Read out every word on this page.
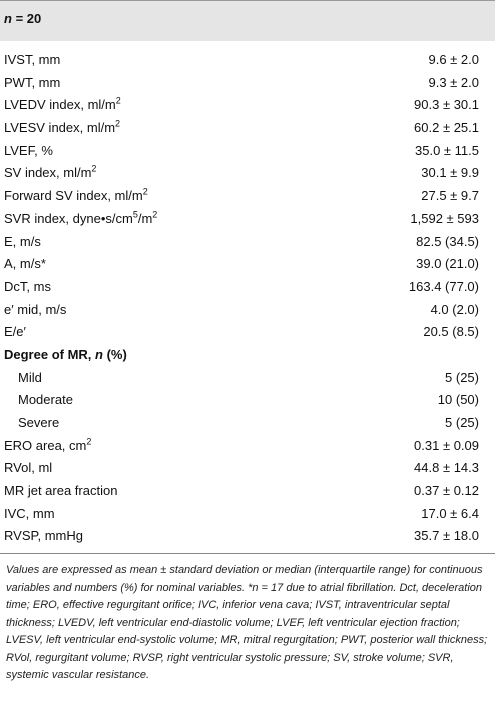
n = 20
IVST, mm	9.6 ± 2.0
PWT, mm	9.3 ± 2.0
LVEDV index, $ml/m^2$	90.3 ± 30.1
LVESV index, $ml/m^2$	60.2 ± 25.1
LVEF, %	35.0 ± 11.5
SV index, $ml/m^2$	30.1 ± 9.9
Forward SV index, $ml/m^2$	27.5 ± 9.7
SVR index, $dyne•s/cm^5/m^2$	1,592 ± 593
E, m/s	82.5 (34.5)
A, m/s*	39.0 (21.0)
DcT, ms	163.4 (77.0)
e′ mid, m/s	4.0 (2.0)
E/e′	20.5 (8.5)
Degree of MR, n (%)
Mild	5 (25)
Moderate	10 (50)
Severe	5 (25)
ERO area, $cm^2$	0.31 ± 0.09
RVol, ml	44.8 ± 14.3
MR jet area fraction	0.37 ± 0.12
IVC, mm	17.0 ± 6.4
RVSP, mmHg	35.7 ± 18.0
Values are expressed as mean ± standard deviation or median (interquartile range) for continuous variables and numbers (%) for nominal variables. *n = 17 due to atrial fibrillation. Dct, deceleration time; ERO, effective regurgitant orifice; IVC, inferior vena cava; IVST, intraventricular septal thickness; LVEDV, left ventricular end-diastolic volume; LVEF, left ventricular ejection fraction; LVESV, left ventricular end-systolic volume; MR, mitral regurgitation; PWT, posterior wall thickness; RVol, regurgitant volume; RVSP, right ventricular systolic pressure; SV, stroke volume; SVR, systemic vascular resistance.
